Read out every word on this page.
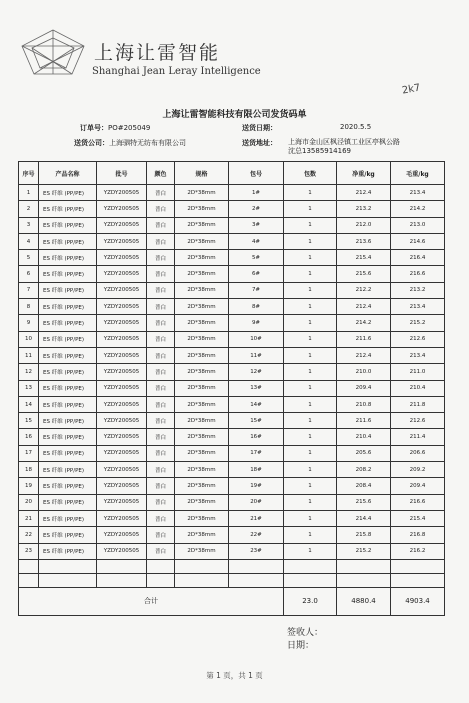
上海让雷智能
Shanghai Jean Leray Intelligence
2k7
上海让雷智能科技有限公司发货码单
订单号：PO#205049	送货日期：	2020.5.5
送货公司：上海驷特无纺布有限公司	送货地址： 上海市金山区枫泾镇工业区亭枫公路
沈总13585914169
序号	产品名称	批号	颜色	规格	包号	包数	净重/kg	毛重/kg
1	ES 纤维 (PP/PE)	YZDY200505	普白	2D*38mm	1#	1	212.4	213.4
2	ES 纤维 (PP/PE)	YZDY200505	普白	2D*38mm	2#	1	213.2	214.2
3	ES 纤维 (PP/PE)	YZDY200505	普白	2D*38mm	3#	1	212.0	213.0
4	ES 纤维 (PP/PE)	YZDY200505	普白	2D*38mm	4#	1	213.6	214.6
5	ES 纤维 (PP/PE)	YZDY200505	普白	2D*38mm	5#	1	215.4	216.4
6	ES 纤维 (PP/PE)	YZDY200505	普白	2D*38mm	6#	1	215.6	216.6
7	ES 纤维 (PP/PE)	YZDY200505	普白	2D*38mm	7#	1	212.2	213.2
8	ES 纤维 (PP/PE)	YZDY200505	普白	2D*38mm	8#	1	212.4	213.4
9	ES 纤维 (PP/PE)	YZDY200505	普白	2D*38mm	9#	1	214.2	215.2
10	ES 纤维 (PP/PE)	YZDY200505	普白	2D*38mm	10#	1	211.6	212.6
11	ES 纤维 (PP/PE)	YZDY200505	普白	2D*38mm	11#	1	212.4	213.4
12	ES 纤维 (PP/PE)	YZDY200505	普白	2D*38mm	12#	1	210.0	211.0
13	ES 纤维 (PP/PE)	YZDY200505	普白	2D*38mm	13#	1	209.4	210.4
14	ES 纤维 (PP/PE)	YZDY200505	普白	2D*38mm	14#	1	210.8	211.8
15	ES 纤维 (PP/PE)	YZDY200505	普白	2D*38mm	15#	1	211.6	212.6
16	ES 纤维 (PP/PE)	YZDY200505	普白	2D*38mm	16#	1	210.4	211.4
17	ES 纤维 (PP/PE)	YZDY200505	普白	2D*38mm	17#	1	205.6	206.6
18	ES 纤维 (PP/PE)	YZDY200505	普白	2D*38mm	18#	1	208.2	209.2
19	ES 纤维 (PP/PE)	YZDY200505	普白	2D*38mm	19#	1	208.4	209.4
20	ES 纤维 (PP/PE)	YZDY200505	普白	2D*38mm	20#	1	215.6	216.6
21	ES 纤维 (PP/PE)	YZDY200505	普白	2D*38mm	21#	1	214.4	215.4
22	ES 纤维 (PP/PE)	YZDY200505	普白	2D*38mm	22#	1	215.8	216.8
23	ES 纤维 (PP/PE)	YZDY200505	普白	2D*38mm	23#	1	215.2	216.2

合计						23.0	4880.4	4903.4
签收人：
日期：
第 1 页，共 1 页
